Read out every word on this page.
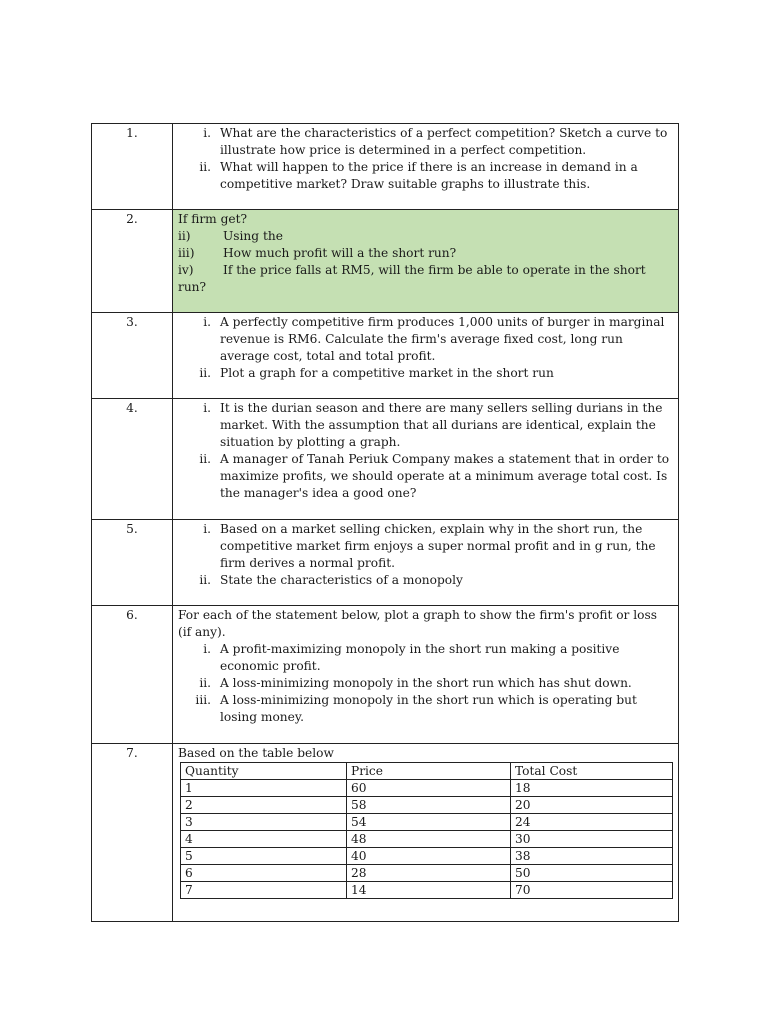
1.	i. What are the characteristics of a perfect competition? Sketch a curve to illustrate how price is determined in a perfect competition.
ii. What will happen to the price if there is an increase in demand in a competitive market? Draw suitable graphs to illustrate this.

2.	If firm get?
ii)	Using the
iii)	How much profit will a the short run?
iv)	If the price falls at RM5, will the firm be able to operate in the short
run?

3.	i. A perfectly competitive firm produces 1,000 units of burger in marginal revenue is RM6. Calculate the firm's average fixed cost, long run average cost, total and total profit.
ii. Plot a graph for a competitive market in the short run

4.	i. It is the durian season and there are many sellers selling durians in the market. With the assumption that all durians are identical, explain the situation by plotting a graph.
ii. A manager of Tanah Periuk Company makes a statement that in order to maximize profits, we should operate at a minimum average total cost. Is the manager's idea a good one?

5.	i. Based on a market selling chicken, explain why in the short run, the competitive market firm enjoys a super normal profit and in g run, the firm derives a normal profit.
ii. State the characteristics of a monopoly

6.	For each of the statement below, plot a graph to show the firm's profit or loss (if any).
i. A profit-maximizing monopoly in the short run making a positive economic profit.
ii. A loss-minimizing monopoly in the short run which has shut down.
iii. A loss-minimizing monopoly in the short run which is operating but losing money.

7.	Based on the table below
Quantity	Price	Total Cost
1	60	18
2	58	20
3	54	24
4	48	30
5	40	38
6	28	50
7	14	70
